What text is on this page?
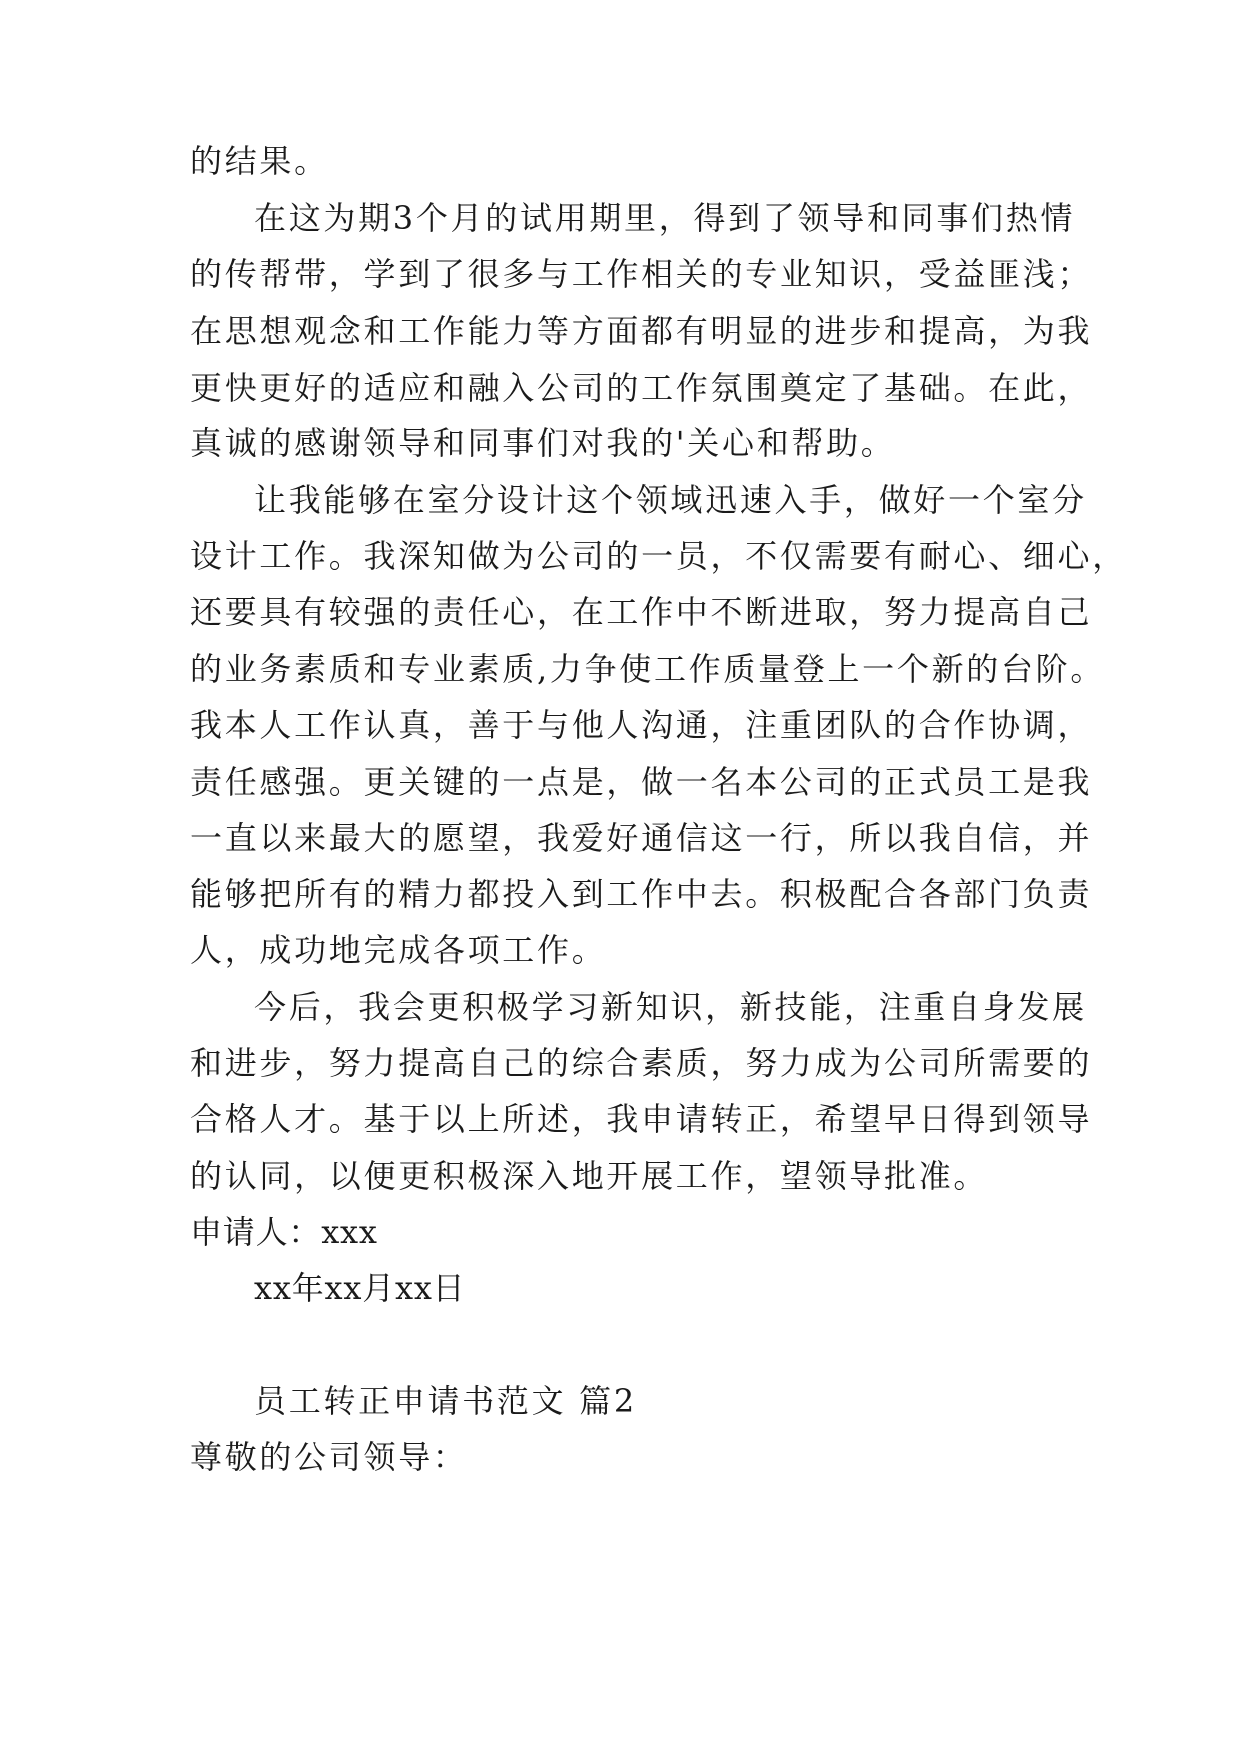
的结果。
在这为期3个月的试用期里，得到了领导和同事们热情
的传帮带，学到了很多与工作相关的专业知识，受益匪浅；
在思想观念和工作能力等方面都有明显的进步和提高，为我
更快更好的适应和融入公司的工作氛围奠定了基础。在此，
真诚的感谢领导和同事们对我的'关心和帮助。
让我能够在室分设计这个领域迅速入手，做好一个室分
设计工作。我深知做为公司的一员，不仅需要有耐心、细心，
还要具有较强的责任心，在工作中不断进取，努力提高自己
的业务素质和专业素质,力争使工作质量登上一个新的台阶。
我本人工作认真，善于与他人沟通，注重团队的合作协调，
责任感强。更关键的一点是，做一名本公司的正式员工是我
一直以来最大的愿望，我爱好通信这一行，所以我自信，并
能够把所有的精力都投入到工作中去。积极配合各部门负责
人，成功地完成各项工作。
今后，我会更积极学习新知识，新技能，注重自身发展
和进步，努力提高自己的综合素质，努力成为公司所需要的
合格人才。基于以上所述，我申请转正，希望早日得到领导
的认同，以便更积极深入地开展工作，望领导批准。
申请人：xxx
xx年xx月xx日
员工转正申请书范文 篇2
尊敬的公司领导：
